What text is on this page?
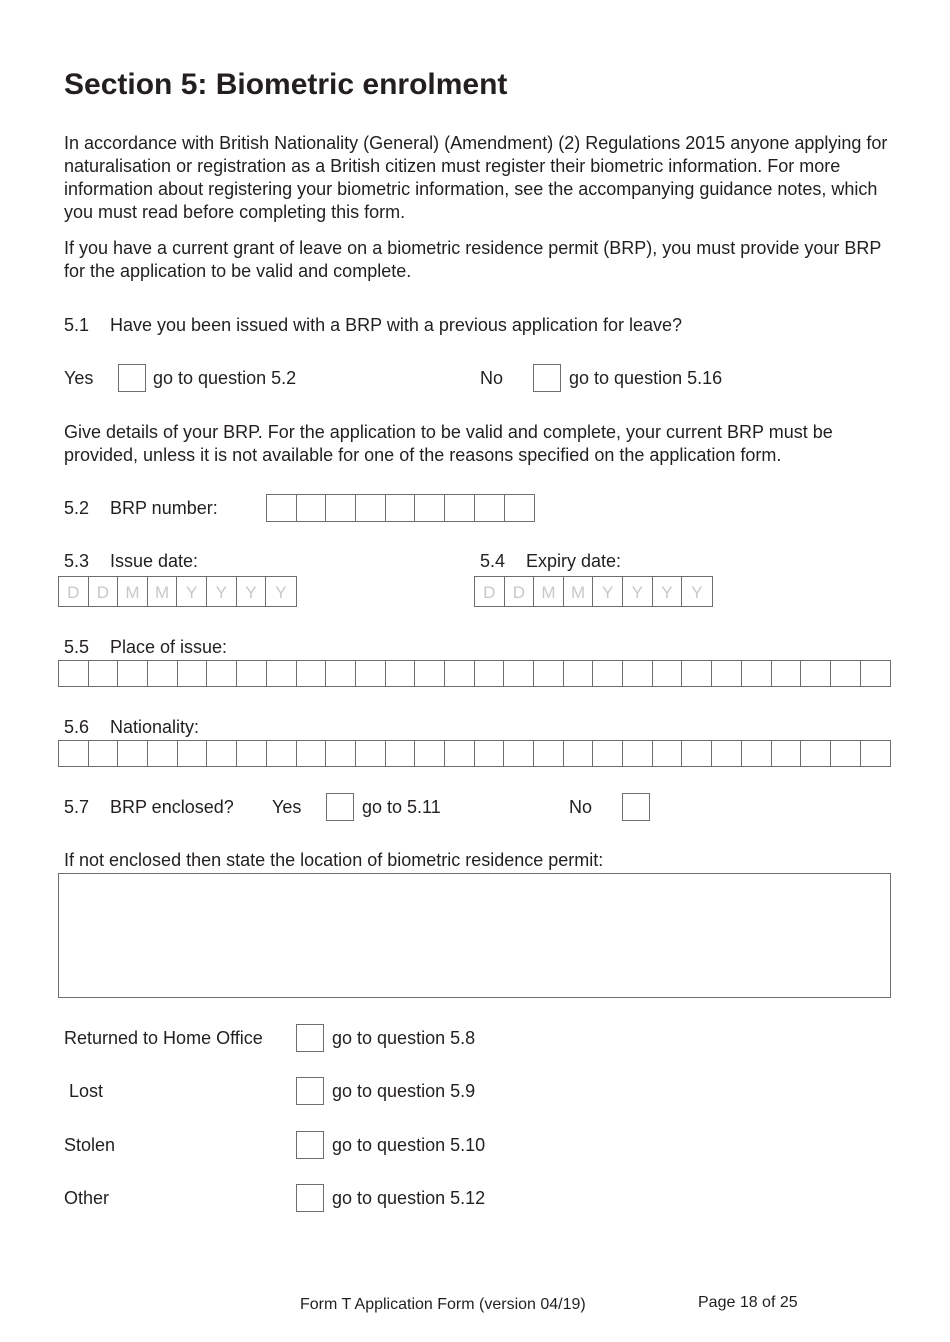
Section 5: Biometric enrolment

In accordance with British Nationality (General) (Amendment) (2) Regulations 2015 anyone applying for naturalisation or registration as a British citizen must register their biometric information. For more information about registering your biometric information, see the accompanying guidance notes, which you must read before completing this form.

If you have a current grant of leave on a biometric residence permit (BRP), you must provide your BRP for the application to be valid and complete.

5.1 Have you been issued with a BRP with a previous application for leave?
Yes	go to question 5.2	No	go to question 5.16

Give details of your BRP. For the application to be valid and complete, your current BRP must be provided, unless it is not available for one of the reasons specified on the application form.

5.2 BRP number:
5.3 Issue date:
D	D M M Y	Y	Y	Y
5.4 Expiry date:
D	D M M Y	Y	Y	Y
5.5 Place of issue:
5.6 Nationality:
5.7 BRP enclosed? Yes	go to 5.11	No
If not enclosed then state the location of biometric residence permit:
Returned to Home Office	go to question 5.8
Lost	go to question 5.9
Stolen	go to question 5.10
Other	go to question 5.12
Form T Application Form (version 04/19)	Page 18 of 25
